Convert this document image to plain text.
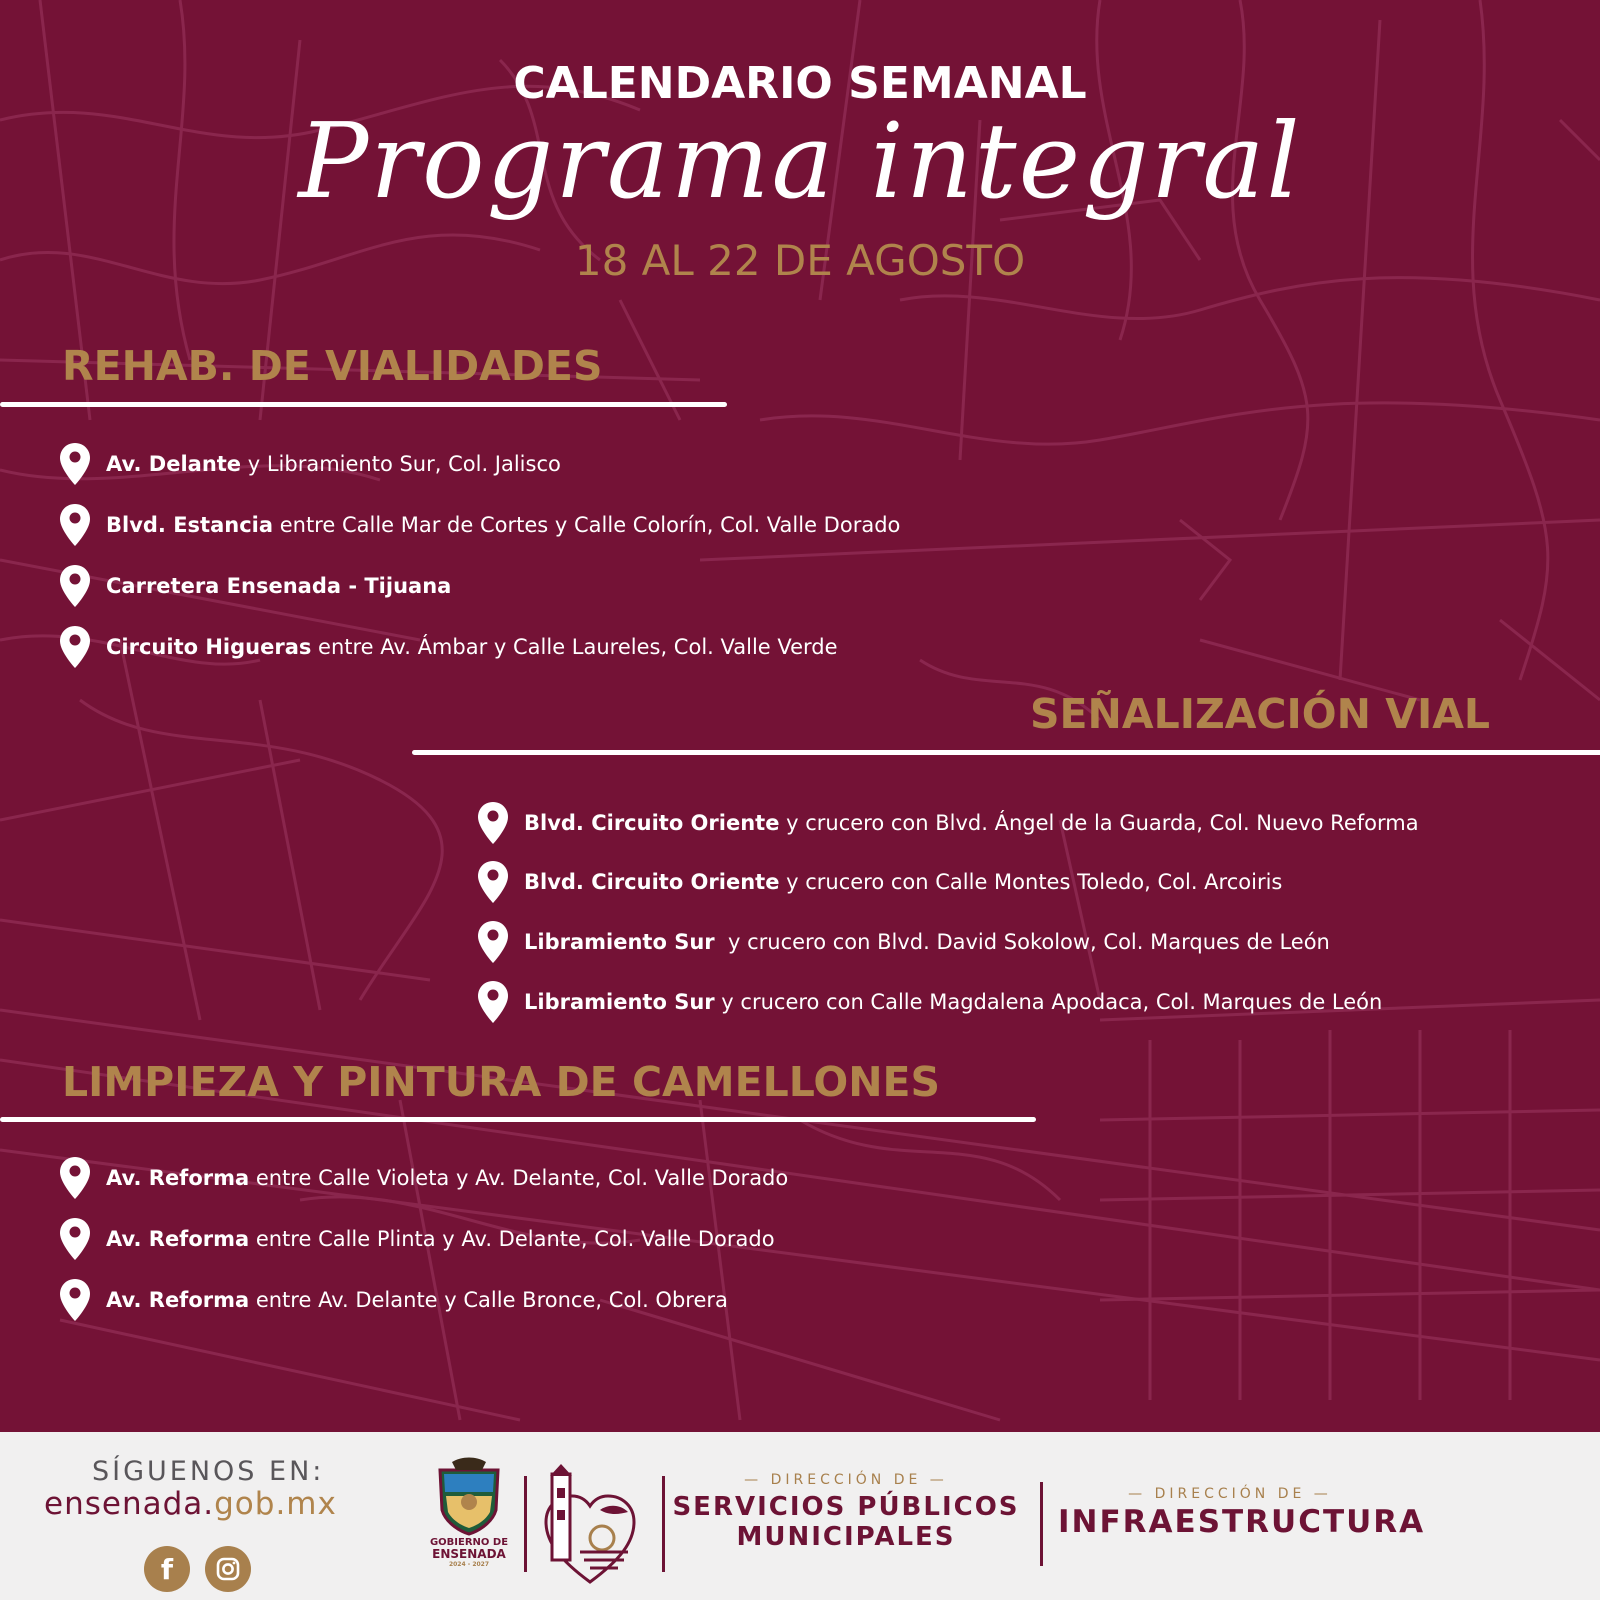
CALENDARIO SEMANAL
Programa integral
18 AL 22 DE AGOSTO
REHAB. DE VIALIDADES
Av. Delante y Libramiento Sur, Col. Jalisco
Blvd. Estancia entre Calle Mar de Cortes y Calle Colorín, Col. Valle Dorado
Carretera Ensenada - Tijuana
Circuito Higueras entre Av. Ámbar y Calle Laureles, Col. Valle Verde
SEÑALIZACIÓN VIAL
Blvd. Circuito Oriente y crucero con Blvd. Ángel de la Guarda, Col. Nuevo Reforma
Blvd. Circuito Oriente y crucero con Calle Montes Toledo, Col. Arcoiris
Libramiento Sur  y crucero con Blvd. David Sokolow, Col. Marques de León
Libramiento Sur y crucero con Calle Magdalena Apodaca, Col. Marques de León
LIMPIEZA Y PINTURA DE CAMELLONES
Av. Reforma entre Calle Violeta y Av. Delante, Col. Valle Dorado
Av. Reforma entre Calle Plinta y Av. Delante, Col. Valle Dorado
Av. Reforma entre Av. Delante y Calle Bronce, Col. Obrera
SÍGUENOS EN:
ensenada.gob.mx
f
GOBIERNO DE
ENSENADA
2024 - 2027
— DIRECCIÓN DE —
SERVICIOS PÚBLICOS
MUNICIPALES
— DIRECCIÓN DE —
INFRAESTRUCTURA
